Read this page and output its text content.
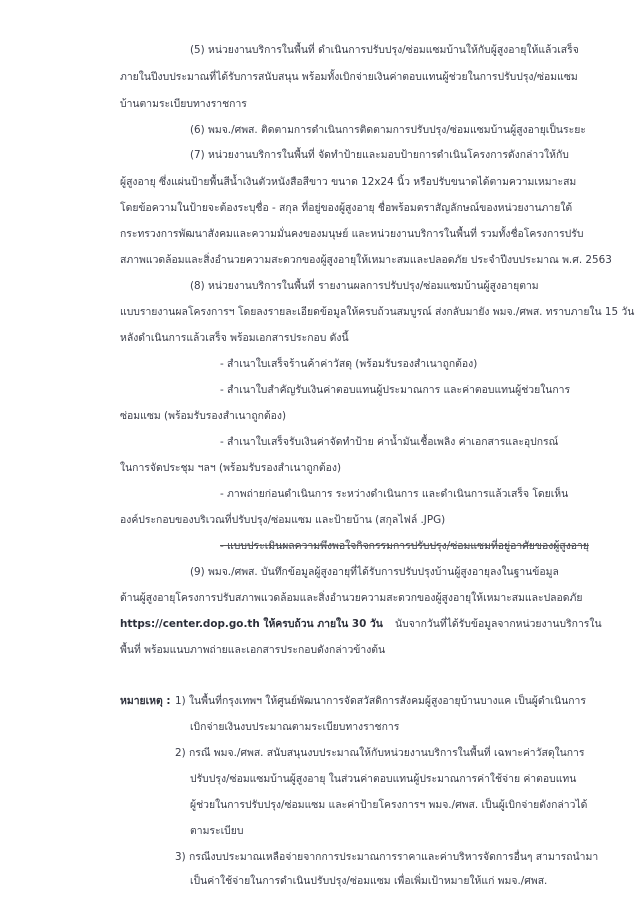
(5) หน่วยงานบริการในพื้นที่ ดำเนินการปรับปรุง/ซ่อมแซมบ้านให้กับผู้สูงอายุให้แล้วเสร็จ
ภายในปีงบประมาณที่ได้รับการสนับสนุน พร้อมทั้งเบิกจ่ายเงินค่าตอบแทนผู้ช่วยในการปรับปรุง/ซ่อมแซม
บ้านตามระเบียบทางราชการ
(6) พมจ./ศพส. ติดตามการดำเนินการติดตามการปรับปรุง/ซ่อมแซมบ้านผู้สูงอายุเป็นระยะ
(7) หน่วยงานบริการในพื้นที่ จัดทำป้ายและมอบป้ายการดำเนินโครงการดังกล่าวให้กับ
ผู้สูงอายุ ซึ่งแผ่นป้ายพื้นสีน้ำเงินตัวหนังสือสีขาว ขนาด 12x24 นิ้ว หรือปรับขนาดได้ตามความเหมาะสม
โดยข้อความในป้ายจะต้องระบุชื่อ - สกุล ที่อยู่ของผู้สูงอายุ ชื่อพร้อมตราสัญลักษณ์ของหน่วยงานภายใต้
กระทรวงการพัฒนาสังคมและความมั่นคงของมนุษย์ และหน่วยงานบริการในพื้นที่ รวมทั้งชื่อโครงการปรับ
สภาพแวดล้อมและสิ่งอำนวยความสะดวกของผู้สูงอายุให้เหมาะสมและปลอดภัย ประจำปีงบประมาณ พ.ศ. 2563
(8) หน่วยงานบริการในพื้นที่ รายงานผลการปรับปรุง/ซ่อมแซมบ้านผู้สูงอายุตาม
แบบรายงานผลโครงการฯ โดยลงรายละเอียดข้อมูลให้ครบถ้วนสมบูรณ์ ส่งกลับมายัง พมจ./ศพส. ทราบภายใน 15 วัน
หลังดำเนินการแล้วเสร็จ พร้อมเอกสารประกอบ ดังนี้
- สำเนาใบเสร็จร้านค้าค่าวัสดุ (พร้อมรับรองสำเนาถูกต้อง)
- สำเนาใบสำคัญรับเงินค่าตอบแทนผู้ประมาณการ และค่าตอบแทนผู้ช่วยในการ
ซ่อมแซม (พร้อมรับรองสำเนาถูกต้อง)
- สำเนาใบเสร็จรับเงินค่าจัดทำป้าย ค่าน้ำมันเชื้อเพลิง ค่าเอกสารและอุปกรณ์
ในการจัดประชุม ฯลฯ (พร้อมรับรองสำเนาถูกต้อง)
- ภาพถ่ายก่อนดำเนินการ ระหว่างดำเนินการ และดำเนินการแล้วเสร็จ โดยเห็น
องค์ประกอบของบริเวณที่ปรับปรุง/ซ่อมแซม และป้ายบ้าน (สกุลไฟล์ .JPG)
- แบบประเมินผลความพึงพอใจกิจกรรมการปรับปรุง/ซ่อมแซมที่อยู่อาศัยของผู้สูงอายุ
(9) พมจ./ศพส. บันทึกข้อมูลผู้สูงอายุที่ได้รับการปรับปรุงบ้านผู้สูงอายุลงในฐานข้อมูล
ด้านผู้สูงอายุโครงการปรับสภาพแวดล้อมและสิ่งอำนวยความสะดวกของผู้สูงอายุให้เหมาะสมและปลอดภัย
https://center.dop.go.th ให้ครบถ้วน ภายใน 30 วัน นับจากวันที่ได้รับข้อมูลจากหน่วยงานบริการใน
พื้นที่ พร้อมแนบภาพถ่ายและเอกสารประกอบดังกล่าวข้างต้น
หมายเหตุ : 1) ในพื้นที่กรุงเทพฯ ให้ศูนย์พัฒนาการจัดสวัสดิการสังคมผู้สูงอายุบ้านบางแค เป็นผู้ดำเนินการ
เบิกจ่ายเงินงบประมาณตามระเบียบทางราชการ
2) กรณี พมจ./ศพส. สนับสนุนงบประมาณให้กับหน่วยงานบริการในพื้นที่ เฉพาะค่าวัสดุในการ
ปรับปรุง/ซ่อมแซมบ้านผู้สูงอายุ ในส่วนค่าตอบแทนผู้ประมาณการค่าใช้จ่าย ค่าตอบแทน
ผู้ช่วยในการปรับปรุง/ซ่อมแซม และค่าป้ายโครงการฯ พมจ./ศพส. เป็นผู้เบิกจ่ายดังกล่าวได้
ตามระเบียบ
3) กรณีงบประมาณเหลือจ่ายจากการประมาณการราคาและค่าบริหารจัดการอื่นๆ สามารถนำมา
เป็นค่าใช้จ่ายในการดำเนินปรับปรุง/ซ่อมแซม เพื่อเพิ่มเป้าหมายให้แก่ พมจ./ศพส.
